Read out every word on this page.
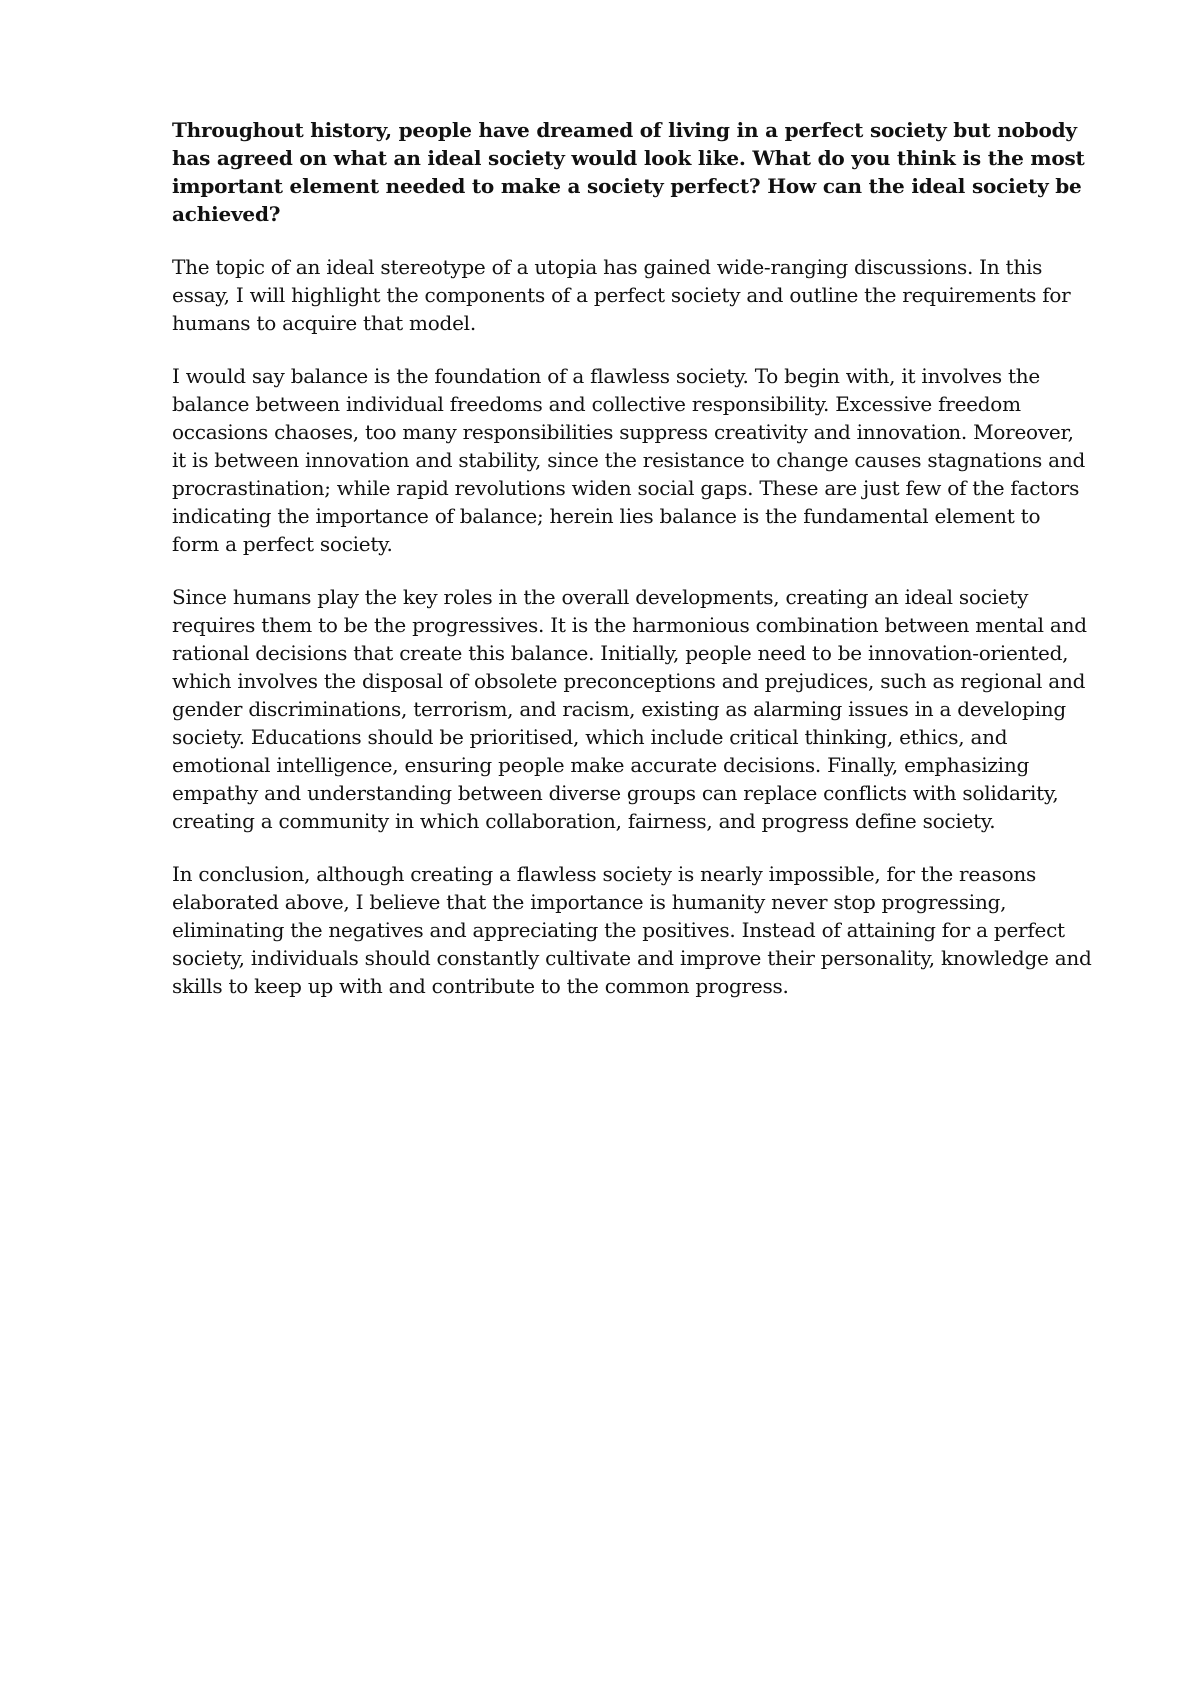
Throughout history, people have dreamed of living in a perfect society but nobody has agreed on what an ideal society would look like. What do you think is the most important element needed to make a society perfect? How can the ideal society be achieved?

The topic of an ideal stereotype of a utopia has gained wide-ranging discussions. In this essay, I will highlight the components of a perfect society and outline the requirements for humans to acquire that model.

I would say balance is the foundation of a flawless society. To begin with, it involves the balance between individual freedoms and collective responsibility. Excessive freedom occasions chaoses, too many responsibilities suppress creativity and innovation. Moreover, it is between innovation and stability, since the resistance to change causes stagnations and procrastination; while rapid revolutions widen social gaps. These are just few of the factors indicating the importance of balance; herein lies balance is the fundamental element to form a perfect society.

Since humans play the key roles in the overall developments, creating an ideal society requires them to be the progressives. It is the harmonious combination between mental and rational decisions that create this balance. Initially, people need to be innovation-oriented, which involves the disposal of obsolete preconceptions and prejudices, such as regional and gender discriminations, terrorism, and racism, existing as alarming issues in a developing society. Educations should be prioritised, which include critical thinking, ethics, and emotional intelligence, ensuring people make accurate decisions. Finally, emphasizing empathy and understanding between diverse groups can replace conflicts with solidarity, creating a community in which collaboration, fairness, and progress define society.

In conclusion, although creating a flawless society is nearly impossible, for the reasons elaborated above, I believe that the importance is humanity never stop progressing, eliminating the negatives and appreciating the positives. Instead of attaining for a perfect society, individuals should constantly cultivate and improve their personality, knowledge and skills to keep up with and contribute to the common progress.
